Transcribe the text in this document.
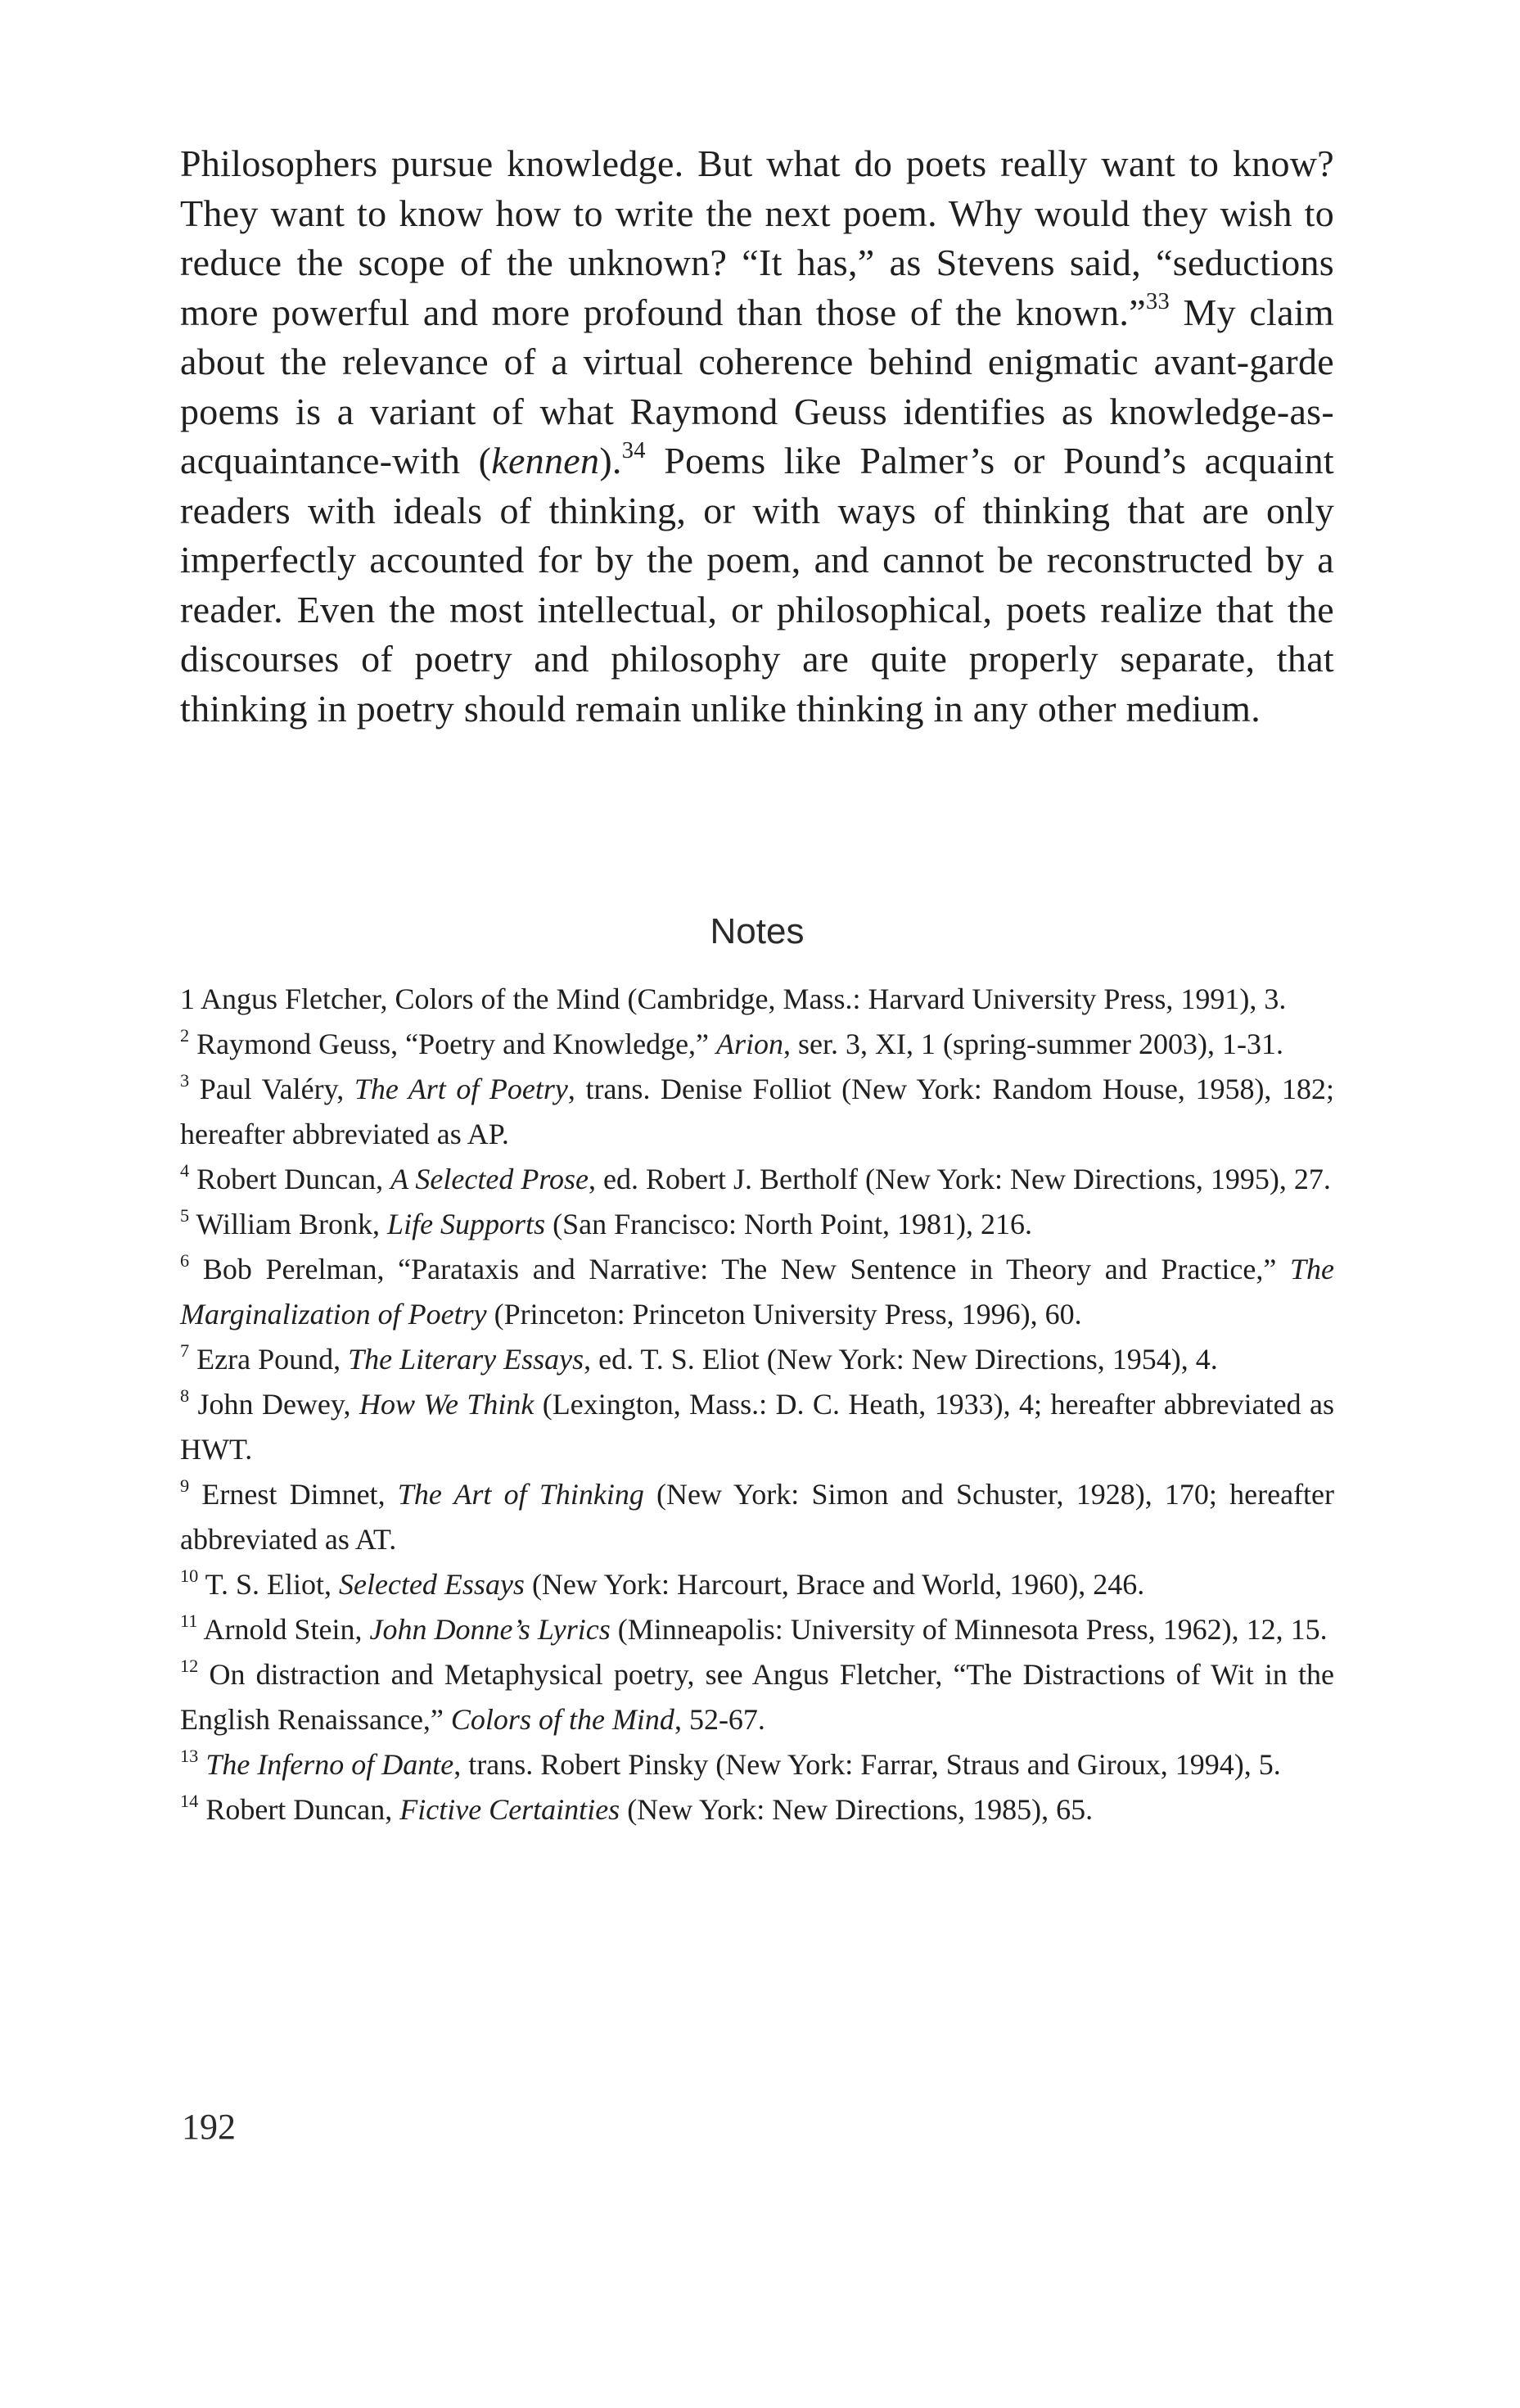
Philosophers pursue knowledge. But what do poets really want to know? They want to know how to write the next poem. Why would they wish to reduce the scope of the unknown? “It has,” as Stevens said, “seductions more powerful and more profound than those of the known.”$^{33}$ My claim about the relevance of a virtual coherence behind enigmatic avant-garde poems is a variant of what Raymond Geuss identifies as knowledge-as-acquaintance-with (kennen).$^{34}$ Poems like Palmer’s or Pound’s acquaint readers with ideals of thinking, or with ways of thinking that are only imperfectly accounted for by the poem, and cannot be reconstructed by a reader. Even the most intellectual, or philosophical, poets realize that the discourses of poetry and philosophy are quite properly separate, that thinking in poetry should remain unlike thinking in any other medium.

Notes

1 Angus Fletcher, Colors of the Mind (Cambridge, Mass.: Harvard University Press, 1991), 3.

$^2$ Raymond Geuss, “Poetry and Knowledge,” Arion, ser. 3, XI, 1 (spring-summer 2003), 1-31.

$^3$ Paul Valéry, The Art of Poetry, trans. Denise Folliot (New York: Random House, 1958), 182; hereafter abbreviated as AP.

$^4$ Robert Duncan, A Selected Prose, ed. Robert J. Bertholf (New York: New Directions, 1995), 27.

$^5$ William Bronk, Life Supports (San Francisco: North Point, 1981), 216.

$^6$ Bob Perelman, “Parataxis and Narrative: The New Sentence in Theory and Practice,” The Marginalization of Poetry (Princeton: Princeton University Press, 1996), 60.

$^7$ Ezra Pound, The Literary Essays, ed. T. S. Eliot (New York: New Directions, 1954), 4.

$^8$ John Dewey, How We Think (Lexington, Mass.: D. C. Heath, 1933), 4; hereafter abbreviated as HWT.

$^9$ Ernest Dimnet, The Art of Thinking (New York: Simon and Schuster, 1928), 170; hereafter abbreviated as AT.

$^{10}$ T. S. Eliot, Selected Essays (New York: Harcourt, Brace and World, 1960), 246.

$^{11}$ Arnold Stein, John Donne’s Lyrics (Minneapolis: University of Minnesota Press, 1962), 12, 15.

$^{12}$ On distraction and Metaphysical poetry, see Angus Fletcher, “The Distractions of Wit in the English Renaissance,” Colors of the Mind, 52-67.

$^{13}$ The Inferno of Dante, trans. Robert Pinsky (New York: Farrar, Straus and Giroux, 1994), 5.

$^{14}$ Robert Duncan, Fictive Certainties (New York: New Directions, 1985), 65.

192
